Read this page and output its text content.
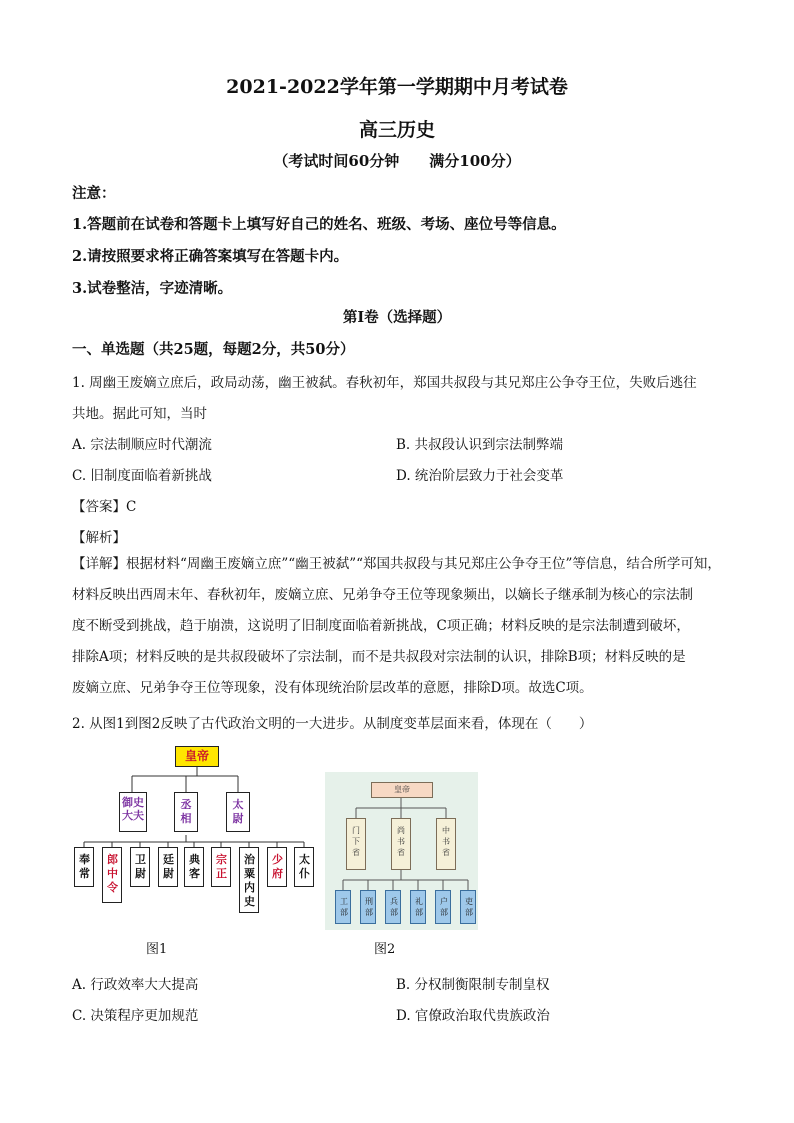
2021-2022学年第一学期期中月考试卷
高三历史
（考试时间60分钟　　满分100分）
注意：
1.答题前在试卷和答题卡上填写好自己的姓名、班级、考场、座位号等信息。
2.请按照要求将正确答案填写在答题卡内。
3.试卷整洁，字迹清晰。
第I卷（选择题）
一、单选题（共25题，每题2分，共50分）
1. 周幽王废嫡立庶后，政局动荡，幽王被弑。春秋初年，郑国共叔段与其兄郑庄公争夺王位，失败后逃往
共地。据此可知，当时
A. 宗法制顺应时代潮流	B. 共叔段认识到宗法制弊端
C. 旧制度面临着新挑战	D. 统治阶层致力于社会变革
【答案】C
【解析】

【详解】根据材料“周幽王废嫡立庶”“幽王被弑”“郑国共叔段与其兄郑庄公争夺王位”等信息，结合所学可知，

材料反映出西周末年、春秋初年，废嫡立庶、兄弟争夺王位等现象频出，以嫡长子继承制为核心的宗法制

度不断受到挑战，趋于崩溃，这说明了旧制度面临着新挑战，C项正确；材料反映的是宗法制遭到破坏，

排除A项；材料反映的是共叔段破坏了宗法制，而不是共叔段对宗法制的认识，排除B项；材料反映的是

废嫡立庶、兄弟争夺王位等现象，没有体现统治阶层改革的意愿，排除D项。故选C项。

2. 从图1到图2反映了古代政治文明的一大进步。从制度变革层面来看，体现在（　　）
皇帝
御史大夫
丞相
太尉
奉常
郎中令
卫尉
廷尉
典客
宗正
治粟内史
少府
太仆
图1
皇帝
门下省
尚书省
中书省
工部
刑部
兵部
礼部
户部
吏部
图2
A. 行政效率大大提高	B. 分权制衡限制专制皇权
C. 决策程序更加规范	D. 官僚政治取代贵族政治
